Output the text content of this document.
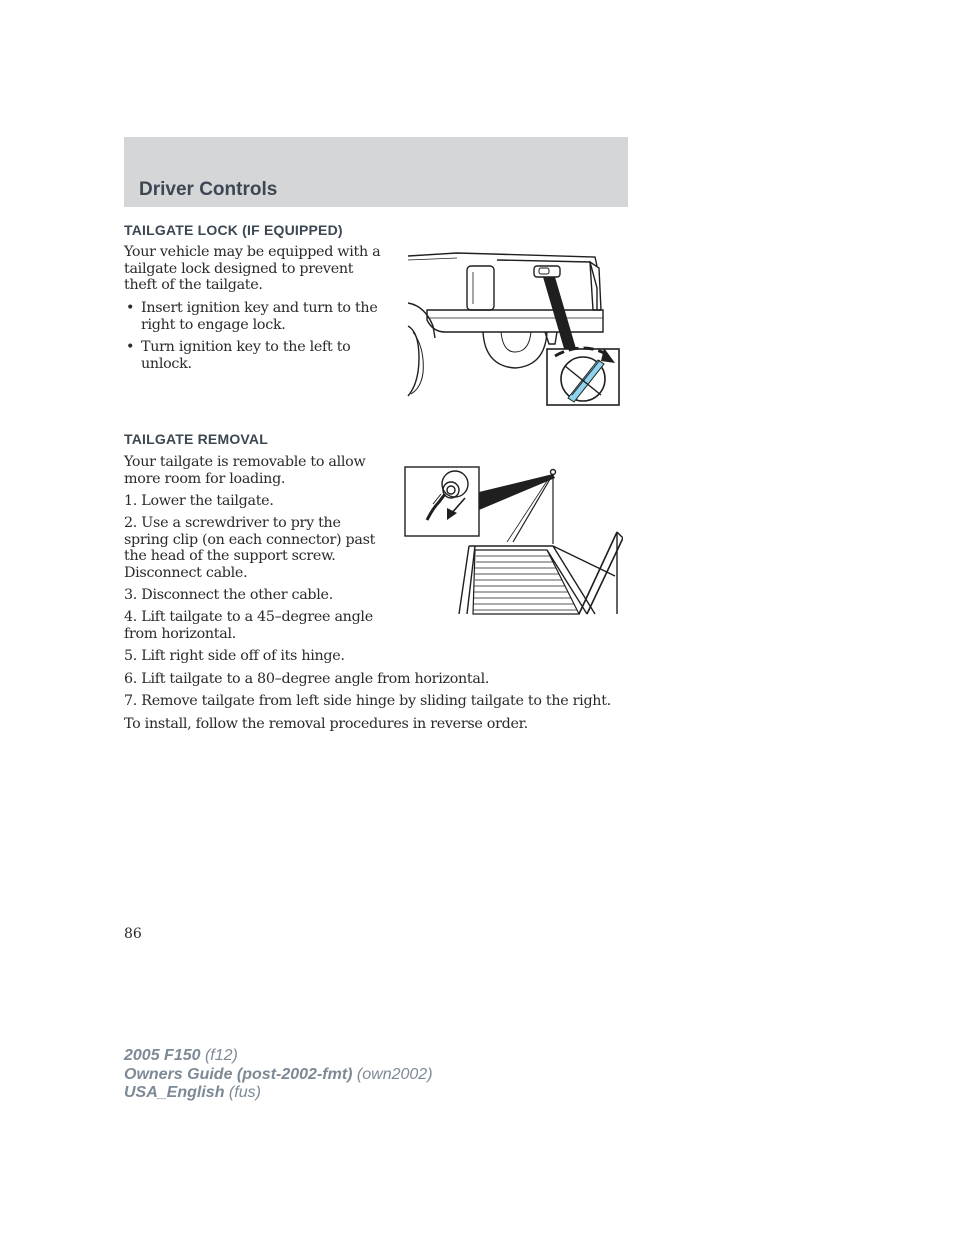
Driver Controls
TAILGATE LOCK (IF EQUIPPED)
Your vehicle may be equipped with a
tailgate lock designed to prevent
theft of the tailgate.
• Insert ignition key and turn to the
right to engage lock.
• Turn ignition key to the left to
unlock.
TAILGATE REMOVAL
Your tailgate is removable to allow
more room for loading.
1. Lower the tailgate.
2. Use a screwdriver to pry the
spring clip (on each connector) past
the head of the support screw.
Disconnect cable.
3. Disconnect the other cable.
4. Lift tailgate to a 45–degree angle
from horizontal.
5. Lift right side off of its hinge.
6. Lift tailgate to a 80–degree angle from horizontal.
7. Remove tailgate from left side hinge by sliding tailgate to the right.
To install, follow the removal procedures in reverse order.
86
2005 F150 (f12)
Owners Guide (post-2002-fmt) (own2002)
USA_English (fus)
